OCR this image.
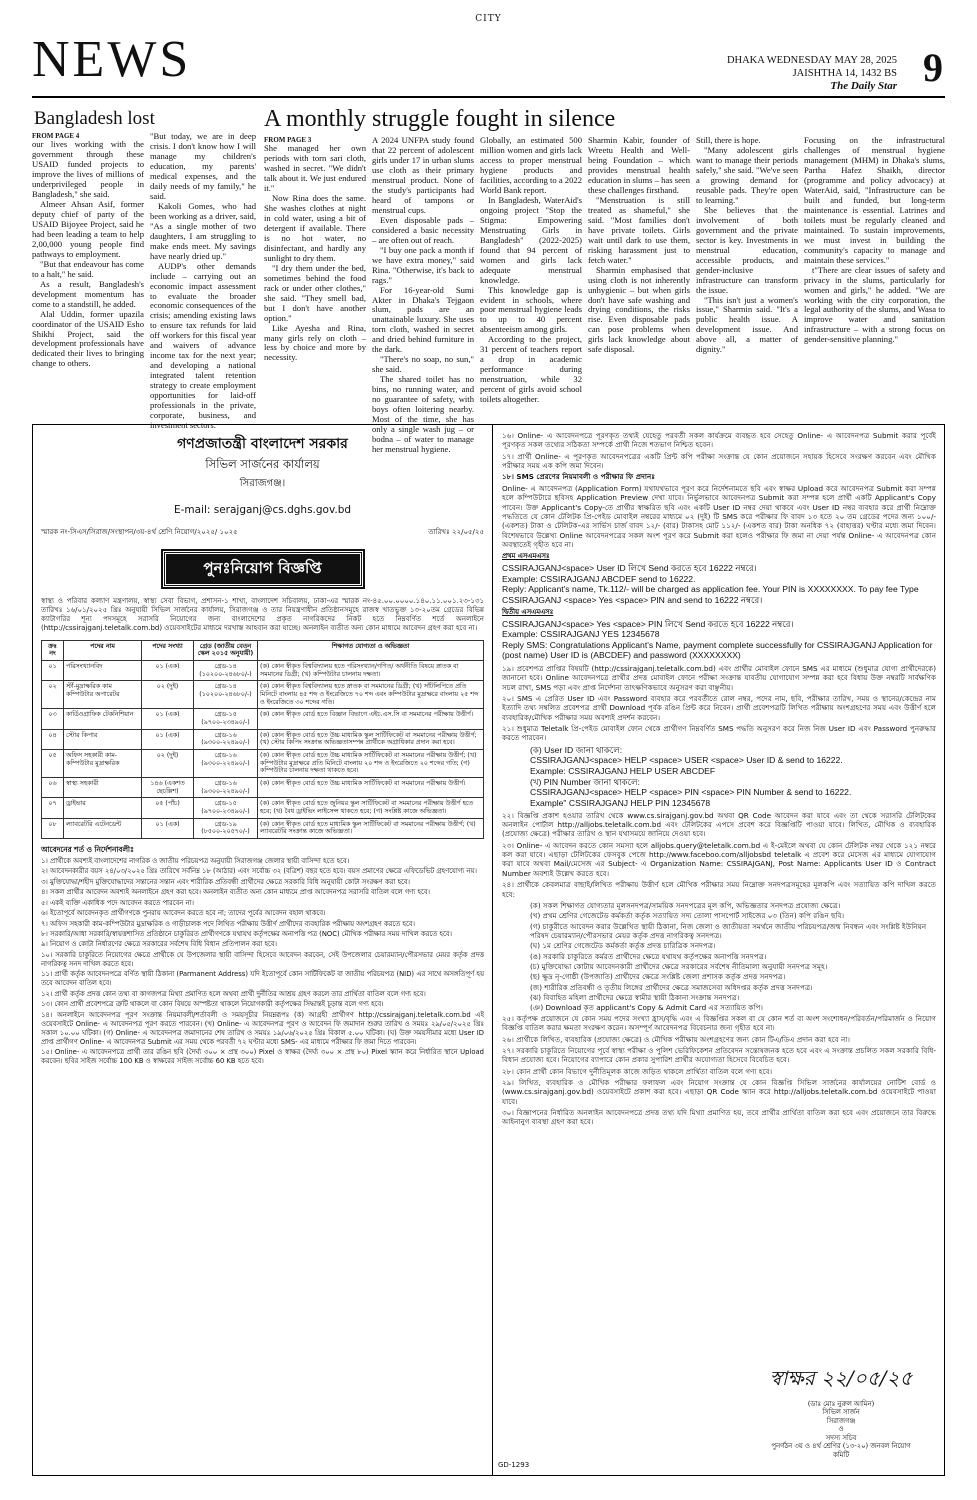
CITY
NEWS	DHAKA WEDNESDAY MAY 28, 2025
JAISHTHA 14, 1432 BS
The Daily Star 9
Bangladesh lost	A monthly struggle fought in silence
FROM PAGE 4

our lives working with the government through these USAID funded projects to improve the lives of millions of underprivileged people in Bangladesh," she said.

Almeer Ahsan Asif, former deputy chief of party of the USAID Bijoyee Project, said he had been leading a team to help 2,00,000 young people find pathways to employment.

"But that endeavour has come to a halt," he said.

As a result, Bangladesh's development momentum has come to a standstill, he added.

Alal Uddin, former upazila coordinator of the USAID Esho Shikhi Project, said the development professionals have dedicated their lives to bringing change to others.

"But today, we are in deep crisis. I don't know how I will manage my children's education, my parents' medical expenses, and the daily needs of my family," he said.

Kakoli Gomes, who had been working as a driver, said, "As a single mother of two daughters, I am struggling to make ends meet. My savings have nearly dried up."

AUDP's other demands include – carrying out an economic impact assessment to evaluate the broader economic consequences of the crisis; amending existing laws to ensure tax refunds for laid off workers for this fiscal year and waivers of advance income tax for the next year; and developing a national integrated talent retention strategy to create employment opportunities for laid-off professionals in the private, corporate, business, and investment sectors.

FROM PAGE 3

She managed her own periods with torn sari cloth, washed in secret. "We didn't talk about it. We just endured it."

Now Rina does the same. She washes clothes at night in cold water, using a bit of detergent if available. There is no hot water, no disinfectant, and hardly any sunlight to dry them.

"I dry them under the bed, sometimes behind the food rack or under other clothes," she said. "They smell bad, but I don't have another option."

Like Ayesha and Rina, many girls rely on cloth – less by choice and more by necessity.

A 2024 UNFPA study found that 22 percent of adolescent girls under 17 in urban slums use cloth as their primary menstrual product. None of the study's participants had heard of tampons or menstrual cups.

Even disposable pads – considered a basic necessity – are often out of reach.

"I buy one pack a month if we have extra money," said Rina. "Otherwise, it's back to rags."

For 16-year-old Sumi Akter in Dhaka's Tejgaon slum, pads are an unattainable luxury. She uses torn cloth, washed in secret and dried behind furniture in the dark.

"There's no soap, no sun," she said.

The shared toilet has no bins, no running water, and no guarantee of safety, with boys often loitering nearby. Most of the time, she has only a single wash jug – or bodna – of water to manage her menstrual hygiene.

Globally, an estimated 500 million women and girls lack access to proper menstrual hygiene products and facilities, according to a 2022 World Bank report.

In Bangladesh, WaterAid's ongoing project "Stop the Stigma: Empowering Menstruating Girls in Bangladesh" (2022-2025) found that 94 percent of women and girls lack adequate menstrual knowledge.

This knowledge gap is evident in schools, where poor menstrual hygiene leads to up to 40 percent absenteeism among girls.

According to the project, 31 percent of teachers report a drop in academic performance during menstruation, while 32 percent of girls avoid school toilets altogether.

Sharmin Kabir, founder of Wreetu Health and Well-being Foundation – which provides menstrual health education in slums – has seen these challenges firsthand.

"Menstruation is still treated as shameful," she said. "Most families don't have private toilets. Girls wait until dark to use them, risking harassment just to fetch water."

Sharmin emphasised that using cloth is not inherently unhygienic – but when girls don't have safe washing and drying conditions, the risks rise. Even disposable pads can pose problems when girls lack knowledge about safe disposal.

Still, there is hope.

"Many adolescent girls want to manage their periods safely," she said. "We've seen a growing demand for reusable pads. They're open to learning."

She believes that the involvement of both government and the private sector is key. Investments in menstrual education, accessible products, and gender-inclusive infrastructure can transform the issue.

"This isn't just a women's issue," Sharmin said. "It's a public health issue. A development issue. And above all, a matter of dignity."

Focusing on the infrastructural challenges of menstrual hygiene management (MHM) in Dhaka's slums, Partha Hafez Shaikh, director (programme and policy advocacy) at WaterAid, said, "Infrastructure can be built and funded, but long-term maintenance is essential. Latrines and toilets must be regularly cleaned and maintained. To sustain improvements, we must invest in building the community's capacity to manage and maintain these services."

t"There are clear issues of safety and privacy in the slums, particularly for women and girls," he added. "We are working with the city corporation, the legal authority of the slums, and Wasa to improve water and sanitation infrastructure – with a strong focus on gender-sensitive planning."

গণপ্রজাতন্ত্রী বাংলাদেশ সরকার
সিভিল সার্জনের কার্যালয়
সিরাজগঞ্জ।
E-mail: serajganj@cs.dghs.gov.bd
স্মারক নং-সিএস/সিরাজ/সংস্থাপন/৩য়-৪র্থ শ্রেণি নিয়োগ/২০২৫/ ১০২৫	তারিখঃ ২২/০৫/২৫
পুনঃনিয়োগ বিজ্ঞপ্তি
স্বাস্থ্য ও পরিবার কল্যাণ মন্ত্রণালয়, স্বাস্থ্য সেবা বিভাগ, প্রশাসন-১ শাখা, বাংলাদেশ সচিবালয়, ঢাকা-এর স্মারক নং-৪৫.০০.০০০০.১৪০.১১.০০১.২৩-১৩১ তারিখঃ ১৬/০১/২০২৫ খ্রিঃ অনুযায়ী সিভিল সার্জনের কার্যালয়, সিরাজগঞ্জ ও তার নিয়ন্ত্রণাধীন প্রতিষ্ঠানসমূহে রাজস্ব খাতভুক্ত ১৩-২০তম গ্রেডের বিভিন্ন ক্যাটাগরির শূন্য পদসমূহে সরাসরি নিয়োগের জন্য বাংলাদেশের প্রকৃত নাগরিকদের নিকট হতে নিম্নবর্ণিত শর্তে অনলাইনে (http://cssirajganj.teletalk.com.bd) ওয়েবসাইটের মাধ্যমে দরখাস্ত আহবান করা যাচ্ছে। অনলাইন ব্যতীত অন্য কোন মাধ্যমে আবেদন গ্রহণ করা হবে না।
ক্রঃ নং	পদের নাম	পদের সংখ্যা	গ্রেড (জাতীয় বেতন স্কেল ২০১৫ অনুযায়ী)	শিক্ষাগত যোগ্যতা ও অভিজ্ঞতা
০১	পরিসংখ্যানবিদ	০১ (এক)	গ্রেড-১৪ (১০২০০-২৪৬৮০/-)	(ক) কোন স্বীকৃত বিশ্ববিদ্যালয় হতে পরিসংখ্যান/গণিত/ অর্থনীতি বিষয়ে স্নাতক বা সমমানের ডিগ্রী; (খ) কম্পিউটার চালনায় দক্ষতা।
০২	স্টাঁ-মুদ্রাক্ষরিক কাম কম্পিউটার অপারেটর	০২ (দুই)	গ্রেড-১৪ (১০২০০-২৪৬৮০/-)	(ক) কোন স্বীকৃত বিশ্ববিদ্যালয় হতে স্নাতক বা সমমানের ডিগ্রী; (খ) সাঁটলিপিতে প্রতি মিনিটে বাংলায় ৪৫ শব্দ ও ইংরেজিতে ৭০ শব্দ এবং কম্পিউটার মুদ্রাক্ষরে বাংলায় ২৫ শব্দ ও ইংরেজিতে ৩০ শব্দের গতি।
০৩	কার্ডিওগ্রাফিক টেকনিশিয়ান	০১ (এক)	গ্রেড-১৫ (৯৭০০-২৩৪৯০/-)	(ক) কোন স্বীকৃত বোর্ড হতে বিজ্ঞান বিভাগে এইচ.এস.সি বা সমমানের পরীক্ষায় উত্তীর্ণ।
০৪	স্টোর কিপার	০১ (এক)	গ্রেড-১৬ (৯৩০০-২২৪৯০/-)	(ক) কোন স্বীকৃত বোর্ড হতে উচ্চ মাধ্যমিক স্কুল সার্টিফিকেট বা সমমানের পরীক্ষায় উত্তীর্ণ; (খ) স্টোর কিপিং সংক্রান্ত অভিজ্ঞতাসম্পন্ন প্রার্থীকে অগ্রাধিকার প্রদান করা হবে।
০৫	অফিস সহকারী কাম-কম্পিউটার মুদ্রাক্ষরিক	০২ (দুই)	গ্রেড-১৬ (৯৩০০-২২৪৯০/-)	(ক) কোন স্বীকৃত বোর্ড হতে উচ্চ মাধ্যমিক সার্টিফিকেট বা সমমানের পরীক্ষায় উত্তীর্ণ; (খ) কম্পিউটার মুদ্রাক্ষরে প্রতি মিনিটে বাংলায় ২০ শব্দ ও ইংরেজিতে ২০ শব্দের গতি; (গ) কম্পিউটার চালনায় দক্ষতা থাকতে হবে।
০৬	স্বাস্থ্য সহকারী	১৪৬ (একশত ছেচল্লিশ)	গ্রেড-১৬ (৯৩০০-২২৪৯০/-)	(ক) কোন স্বীকৃত বোর্ড হতে উচ্চ মাধ্যমিক সার্টিফিকেট বা সমমানের পরীক্ষায় উত্তীর্ণ।
০৭	ড্রাইভার	০৫ (পাঁচ)	গ্রেড-১৫ (৯৭০০-২৩৪৯০/-)	(ক) কোন স্বীকৃত বোর্ড হতে জুনিয়র স্কুল সার্টিফিকেট বা সমমানের পরীক্ষায় উত্তীর্ণ হতে হবে; (খ) বৈধ ড্রাইভিং লাইসেন্স থাকতে হবে; (গ) সংশ্লিষ্ট কাজে অভিজ্ঞতা।
০৮	ল্যাবরেটরি এটেনডেন্ট	০১ (এক)	গ্রেড-১৯ (৮৫০০-২০৫৭০/-)	(ক) কোন স্বীকৃত বোর্ড হতে মাধ্যমিক স্কুল সার্টিফিকেট বা সমমানের পরীক্ষায় উত্তীর্ণ; (খ) ল্যাবরেটরি সংক্রান্ত কাজে অভিজ্ঞতা।
আবেদনের শর্ত ও নির্দেশনাবলীঃ
১। প্রার্থীকে অবশ্যই বাংলাদেশের নাগরিক ও জাতীয় পরিচয়পত্র অনুযায়ী সিরাজগঞ্জ জেলার স্থায়ী বাসিন্দা হতে হবে।
২। আবেদনকারীর বয়স ২৪/০৩/২০২৫ খ্রিঃ তারিখে সর্বনিম্ন ১৮ (আঠার) এবং সর্বোচ্চ ৩২ (বত্রিশ) বছর হতে হবে। বয়স প্রমাণের ক্ষেত্রে এফিডেভিট গ্রহণযোগ্য নয়।
৩। মুক্তিযোদ্ধা/শহীদ মুক্তিযোদ্ধাদের সন্তানের সন্তান এবং শারীরিক প্রতিবন্ধী প্রার্থীদের ক্ষেত্রে সরকারি বিধি অনুযায়ী কোটা সংরক্ষণ করা হবে।
৪। সকল প্রার্থীর আবেদন অবশ্যই অনলাইনে গ্রহণ করা হবে। অনলাইন ব্যতীত অন্য কোন মাধ্যমে প্রাপ্ত আবেদনপত্র সরাসরি বাতিল বলে গণ্য হবে।
৫। একই ব্যক্তি একাধিক পদে আবেদন করতে পারবেন না।
৬। ইতোপূর্বে আবেদনকৃত প্রার্থীগণকে পুনরায় আবেদন করতে হবে না; তাদের পূর্বের আবেদন বহাল থাকবে।
৭। অফিস সহকারী কাম-কম্পিউটার মুদ্রাক্ষরিক ও গাড়ীচালক পদে লিখিত পরীক্ষায় উত্তীর্ণ প্রার্থীদের ব্যবহারিক পরীক্ষায় অংশগ্রহণ করতে হবে।
৮। সরকারি/আধা সরকারি/স্বায়ত্তশাসিত প্রতিষ্ঠানে চাকুরিরত প্রার্থীগণকে যথাযথ কর্তৃপক্ষের অনাপত্তি পত্র (NOC) মৌখিক পরীক্ষার সময় দাখিল করতে হবে।
৯। নিয়োগ ও কোটা নির্ধারণের ক্ষেত্রে সরকারের সর্বশেষ বিধি বিধান প্রতিপালন করা হবে।
১০। সরকারি চাকুরিতে নিয়োগের ক্ষেত্রে প্রার্থীকে যে উপজেলার স্থায়ী বাসিন্দা হিসেবে আবেদন করবেন, সেই উপজেলার চেয়ারম্যান/পৌরসভার মেয়র কর্তৃক প্রদত্ত নাগরিকত্ব সনদ দাখিল করতে হবে।
১১। প্রার্থী কর্তৃক আবেদনপত্রে বর্ণিত স্থায়ী ঠিকানা (Parmanent Address) যদি ইতোপূর্বে কোন সার্টিফিকেট বা জাতীয় পরিচয়পত্র (NID) এর সাথে অসঙ্গতিপূর্ণ হয় তবে আবেদন বাতিল হবে।
১২। প্রার্থী কর্তৃক প্রদত্ত কোন তথ্য বা কাগজপত্র মিথ্যা প্রমাণিত হলে অথবা প্রার্থী দুর্নীতির আশ্রয় গ্রহণ করলে তার প্রার্থিতা বাতিল বলে গণ্য হবে।
১৩। কোন প্রার্থী প্রবেশপত্রে ত্রুটি থাকলে বা কোন বিষয়ে অস্পষ্টতা থাকলে নিয়োগকারী কর্তৃপক্ষের সিদ্ধান্তই চূড়ান্ত বলে গণ্য হবে।
১৪। অনলাইনে আবেদনপত্র পূরণ সংক্রান্ত নিয়মাবলী/শর্তাবলী ও সময়সূচীর নিয়ম্নরূপঃ (ক) আগ্রহী প্রার্থীগণ http://cssirajganj.teletalk.com.bd এই ওয়েবসাইটে Online- এ আবেদনপত্র পূরণ করতে পারবেন। (খ) Online- এ আবেদনপত্র পূরণ ও আবেদন ফি জমাদান শুরুর তারিখ ও সময়ঃ ২৯/০৫/২০২৫ খ্রিঃ সকাল ১০.০০ ঘটিকা। (গ) Online- এ আবেদনপত্র জমাদানের শেষ তারিখ ও সময়ঃ ১৯/০৬/২০২৫ খ্রিঃ বিকাল ৫.০০ ঘটিকা। (ঘ) উক্ত সময়সীমার মধ্যে User ID প্রাপ্ত প্রার্থীগণ Online- এ আবেদনপত্র Submit এর সময় থেকে পরবর্তী ৭২ ঘণ্টার মধ্যে SMS- এর মাধ্যমে পরীক্ষার ফি জমা দিতে পারবেন।
১৫। Online- এ আবেদনপত্রে প্রার্থী তার রঙিন ছবি (দৈর্ঘ্য ৩০০ × প্রস্থ ৩০০) Pixel ও স্বাক্ষর (দৈর্ঘ্য ৩০০ × প্রস্থ ৮০) Pixel স্ক্যান করে নির্ধারিত স্থানে Upload করবেন। ছবির সাইজ সর্বোচ্চ 100 KB ও স্বাক্ষরের সাইজ সর্বোচ্চ 60 KB হতে হবে।
১৬। Online- এ আবেদনপত্রে পূরণকৃত তথ্যই যেহেতু পরবর্তী সকল কার্যক্রমে ব্যবহৃত হবে সেহেতু Online- এ আবেদনপত্র Submit করার পূর্বেই পূরণকৃত সকল তথ্যের সঠিকতা সম্পর্কে প্রার্থী নিজে শতভাগ নিশ্চিত হবেন।
১৭। প্রার্থী Online- এ পূরণকৃত আবেদনপত্রের একটি প্রিন্ট কপি পরীক্ষা সংক্রান্ত যে কোন প্রয়োজনে সহায়ক হিসেবে সংরক্ষণ করবেন এবং মৌখিক পরীক্ষার সময় এক কপি জমা দিবেন।
১৮। SMS প্রেরণের নিয়মাবলী ও পরীক্ষার ফি প্রদানঃ
Online- এ আবেদনপত্র (Application Form) যথাযথভাবে পূরণ করে নির্দেশনামতে ছবি এবং স্বাক্ষর Upload করে আবেদনপত্র Submit করা সম্পন্ন হলে কম্পিউটারে ছবিসহ Application Preview দেখা যাবে। নির্ভুলভাবে আবেদনপত্র Submit করা সম্পন্ন হলে প্রার্থী একটি Applicant's Copy পাবেন। উক্ত Applicant's Copy-তে প্রার্থীর স্বাক্ষরিত ছবি এবং একটি User ID নম্বর দেয়া থাকবে এবং User ID নম্বর ব্যবহার করে প্রার্থী নিম্নোক্ত পদ্ধতিতে যে কোন টেলিটক প্রি-পেইড মোবাইল নম্বরের মাধ্যমে ০২ (দুই) টি SMS করে পরীক্ষার ফি বাবদ ১৩ হতে ২০ তম গ্রেডের পদের জন্য ১০০/- (একশত) টাকা ও টেলিটক-এর সার্ভিস চার্জ বাবদ ১২/- (বার) টাকাসহ মোট ১১২/- (একশত বার) টাকা অনধিক ৭২ (বাহাত্তর) ঘণ্টার মধ্যে জমা দিবেন। বিশেষভাবে উল্লেখ্য Online আবেদনপত্রের সকল অংশ পূরণ করে Submit করা হলেও পরীক্ষার ফি জমা না দেয়া পর্যন্ত Online- এ আবেদনপত্র কোন অবস্থাতেই গৃহীত হবে না।
প্রথম এসএমএসঃ
CSSIRAJGANJ<space> User ID লিখে Send করতে হবে 16222 নম্বরে।
Example: CSSIRAJGANJ ABCDEF send to 16222.
Reply: Applicant's name, Tk.112/- will be charged as application fee. Your PIN is XXXXXXXX. To pay fee Type CSSIRAJGANJ <space> Yes <space> PIN and send to 16222 নম্বরে।
দ্বিতীয় এসএমএসঃ
CSSIRAJGANJ<space> Yes <space> PIN লিখে Send করতে হবে 16222 নম্বরে।
Example: CSSIRAJGANJ YES 12345678
Reply SMS: Congratulations Applicant's Name, payment complete successfully for CSSIRAJGANJ Application for (post name) User ID is (ABCDEF) and password (XXXXXXXX)
১৯। প্রবেশপত্র প্রাপ্তির বিষয়টি (http://cssirajganj.teletalk.com.bd) এবং প্রার্থীর মোবাইল ফোনে SMS এর মাধ্যমে (শুধুমাত্র যোগ্য প্রার্থীদেরকে) জানানো হবে। Online আবেদনপত্রে প্রার্থীর প্রদত্ত মোবাইল ফোনে পরীক্ষা সংক্রান্ত যাবতীয় যোগাযোগ সম্পন্ন করা হবে বিধায় উক্ত নম্বরটি সার্বক্ষণিক সচল রাখা, SMS পড়া এবং প্রাপ্ত নির্দেশনা তাৎক্ষণিকভাবে অনুসরণ করা বাঞ্ছনীয়।
২০। SMS এ প্রেরিত User ID এবং Password ব্যবহার করে পরবর্তীতে রোল নম্বর, পদের নাম, ছবি, পরীক্ষার তারিখ, সময় ও স্থানের/কেন্দ্রের নাম ইত্যাদি তথ্য সম্বলিত প্রবেশপত্র প্রার্থী Download পূর্বক রঙিন প্রিন্ট করে নিবেন। প্রার্থী প্রবেশপত্রটি লিখিত পরীক্ষায় অংশগ্রহণের সময় এবং উত্তীর্ণ হলে ব্যবহারিক/মৌখিক পরীক্ষার সময় অবশ্যই প্রদর্শন করবেন।
২১। শুধুমাত্র Teletalk প্রি-পেইড মোবাইল ফোন থেকে প্রার্থীগণ নিম্নবর্ণিত SMS পদ্ধতি অনুসরণ করে নিজ নিজ User ID এবং Password পুনরুদ্ধার করতে পারবেন।
(ক) User ID জানা থাকলে:
CSSIRAJGANJ<space> HELP <space> USER <space> User ID & send to 16222.
Example: CSSIRAJGANJ HELP USER ABCDEF
(খ) PIN Number জানা থাকলে:
CSSIRAJGANJ<space> HELP <space> PIN <space> PIN Number & send to 16222.
Example" CSSIRAJGANJ HELP PIN 12345678
২২। বিজ্ঞপ্তি প্রকাশ হওয়ার তারিখ থেকে www.cs.sirajganj.gov.bd অথবা QR Code আবেদন করা যাবে এবং তা থেকে সরাসরি টেলিটকের অনলাইন পোর্টাল http://alljobs.teletalk.com.bd এবং টেলিটকের এপসে প্রবেশ করে বিজ্ঞপ্তিটি পাওয়া যাবে। লিখিত, মৌখিক ও ব্যবহারিক (প্রযোজ্য ক্ষেত্রে) পরীক্ষার তারিখ ও স্থান যথাসময়ে জানিয়ে দেওয়া হবে।
২৩। Online- এ আবেদন করতে কোন সমস্যা হলে alljobs.query@teletalk.com.bd এ ই-মেইলে অথবা যে কোন টেলিটক নম্বর থেকে ১২১ নম্বরে কল করা যাবে। এছাড়া টেলিটকের ফেসবুক পেজে http://www.faceboo.com/alljobsbd teletalk এ প্রবেশ করে মেসেজ এর মাধ্যমে যোগাযোগ করা যাবে অথবা Mail/মেসেজ এর Subject- এ Organization Name: CSSIRAJGANJ, Post Name: Applicants User ID ও Contract Number অবশ্যই উল্লেখ করতে হবে।
২৪। প্রার্থীকে কেবলমাত্র বাছাই/লিখিত পরীক্ষায় উত্তীর্ণ হলে মৌখিক পরীক্ষার সময় নিম্নোক্ত সনদপত্রসমূহের মূলকপি এবং সত্যায়িত কপি দাখিল করতে হবে:
(ক) সকল শিক্ষাগত যোগ্যতার মূলসনদপত্র/সাময়িক সনদপত্রের মূল কপি, অভিজ্ঞতার সনদপত্র প্রযোজ্য ক্ষেত্রে।
(খ) প্রথম শ্রেণির গেজেটেড কর্মকর্তা কর্তৃক সত্যায়িত সদ্য তোলা পাসপোর্ট সাইজের ০৩ (তিন) কপি রঙিন ছবি।
(গ) চাকুরীতে আবেদন করার উল্লেখিত স্থায়ী ঠিকানা, নিজ জেলা ও জাতীয়তা সমর্থনে জাতীয় পরিচয়পত্র/জন্ম নিবন্ধন এবং সংশ্লিষ্ট ইউনিয়ন পরিষদ চেয়ারম্যান/পৌরসভার মেয়র কর্তৃক প্রদত্ত নাগরিকত্ব সনদপত্র।
(ঘ) ১ম শ্রেণির গেজেটেড কর্মকর্তা কর্তৃক প্রদত্ত চারিত্রিক সনদপত্র।
(ঙ) সরকারি চাকুরিতে কর্মরত প্রার্থীদের ক্ষেত্রে যথাযথ কর্তৃপক্ষের অনাপত্তি সনদপত্র।
(চ) মুক্তিযোদ্ধা কোটায় আবেদনকারী প্রার্থীদের ক্ষেত্রে সরকারের সর্বশেষ নীতিমালা অনুযায়ী সনদপত্র সমূহ।
(ছ) ক্ষুদ্র নৃ-গোষ্ঠী (উপজাতি) প্রার্থীদের ক্ষেত্রে সংশ্লিষ্ট জেলা প্রশাসক কর্তৃক প্রদত্ত সনদপত্র।
(জ) শারীরিক প্রতিবন্ধী ও তৃতীয় লিঙ্গের প্রার্থীদের ক্ষেত্রে সমাজসেবা অধিদপ্তর কর্তৃক প্রদত্ত সনদপত্র।
(ঝ) বিবাহিত মহিলা প্রার্থীদের ক্ষেত্রে স্বামীর স্থায়ী ঠিকানা সংক্রান্ত সনদপত্র।
(ঞ) Download কৃত applicant's Copy & Admit Card এর সত্যায়িত কপি।
২৫। কর্তৃপক্ষ প্রয়োজনে যে কোন সময় পদের সংখ্যা হ্রাস/বৃদ্ধি এবং এ বিজ্ঞপ্তির সকল বা যে কোন শর্ত বা অংশ সংশোধন/পরিবর্তন/পরিমার্জন ও নিয়োগ বিজ্ঞপ্তি বাতিল করার ক্ষমতা সংরক্ষণ করেন। অসম্পূর্ণ আবেদনপত্র বিবেচনার জন্য গৃহীত হবে না।
২৬। প্রার্থীকে লিখিত, ব্যবহারিক (প্রযোজ্য ক্ষেত্রে) ও মৌখিক পরীক্ষায় অংশগ্রহণের জন্য কোন টিএ/ডিএ প্রদান করা হবে না।
২৭। সরকারি চাকুরিতে নিয়োগের পূর্বে স্বাস্থ্য পরীক্ষা ও পুলিশ ভেরিফিকেশন প্রতিবেদন সন্তোষজনক হতে হবে এবং এ সংক্রান্ত প্রচলিত সকল সরকারি বিধি-বিধান প্রযোজ্য হবে। নিয়োগের ব্যাপারে কোন প্রকার সুপারিশ প্রার্থীর অযোগ্যতা হিসেবে বিবেচিত হবে।
২৮। কোন প্রার্থী কোন বিভাগে দুর্নীতিমূলক কাজে জড়িত থাকলে প্রার্থিতা বাতিল বলে গণ্য হবে।
২৯। লিখিত, ব্যবহারিক ও মৌখিক পরীক্ষার ফলাফল এবং নিয়োগ সংক্রান্ত যে কোন বিজ্ঞপ্তি সিভিল সার্জনের কার্যালয়ের নোটিশ বোর্ড ও (www.cs.sirajganj.gov.bd) ওয়েবসাইটে প্রকাশ করা হবে। এছাড়া QR Code স্ক্যান করে http://alljobs.teletalk.com.bd ওয়েবসাইটে পাওয়া যাবে।
৩০। বিজ্ঞাপনের নির্ধারিত অনলাইন আবেদনপত্রে প্রদত্ত তথ্য যদি মিথ্যা প্রমাণিত হয়, তবে প্রার্থীর প্রার্থিতা বাতিল করা হবে এবং প্রয়োজনে তার বিরুদ্ধে আইনানুগ ব্যবস্থা গ্রহণ করা হবে।
স্বাক্ষর ২২/০৫/২৫
(ডাঃ মোঃ নুরুল আমিন)
সিভিল সার্জন
সিরাজগঞ্জ
ও
সদস্য সচিব
পুনর্গঠন ৩য় ও ৪র্থ শ্রেণির (১৩-২০) জনবল নিয়োগ কমিটি
GD-1293
